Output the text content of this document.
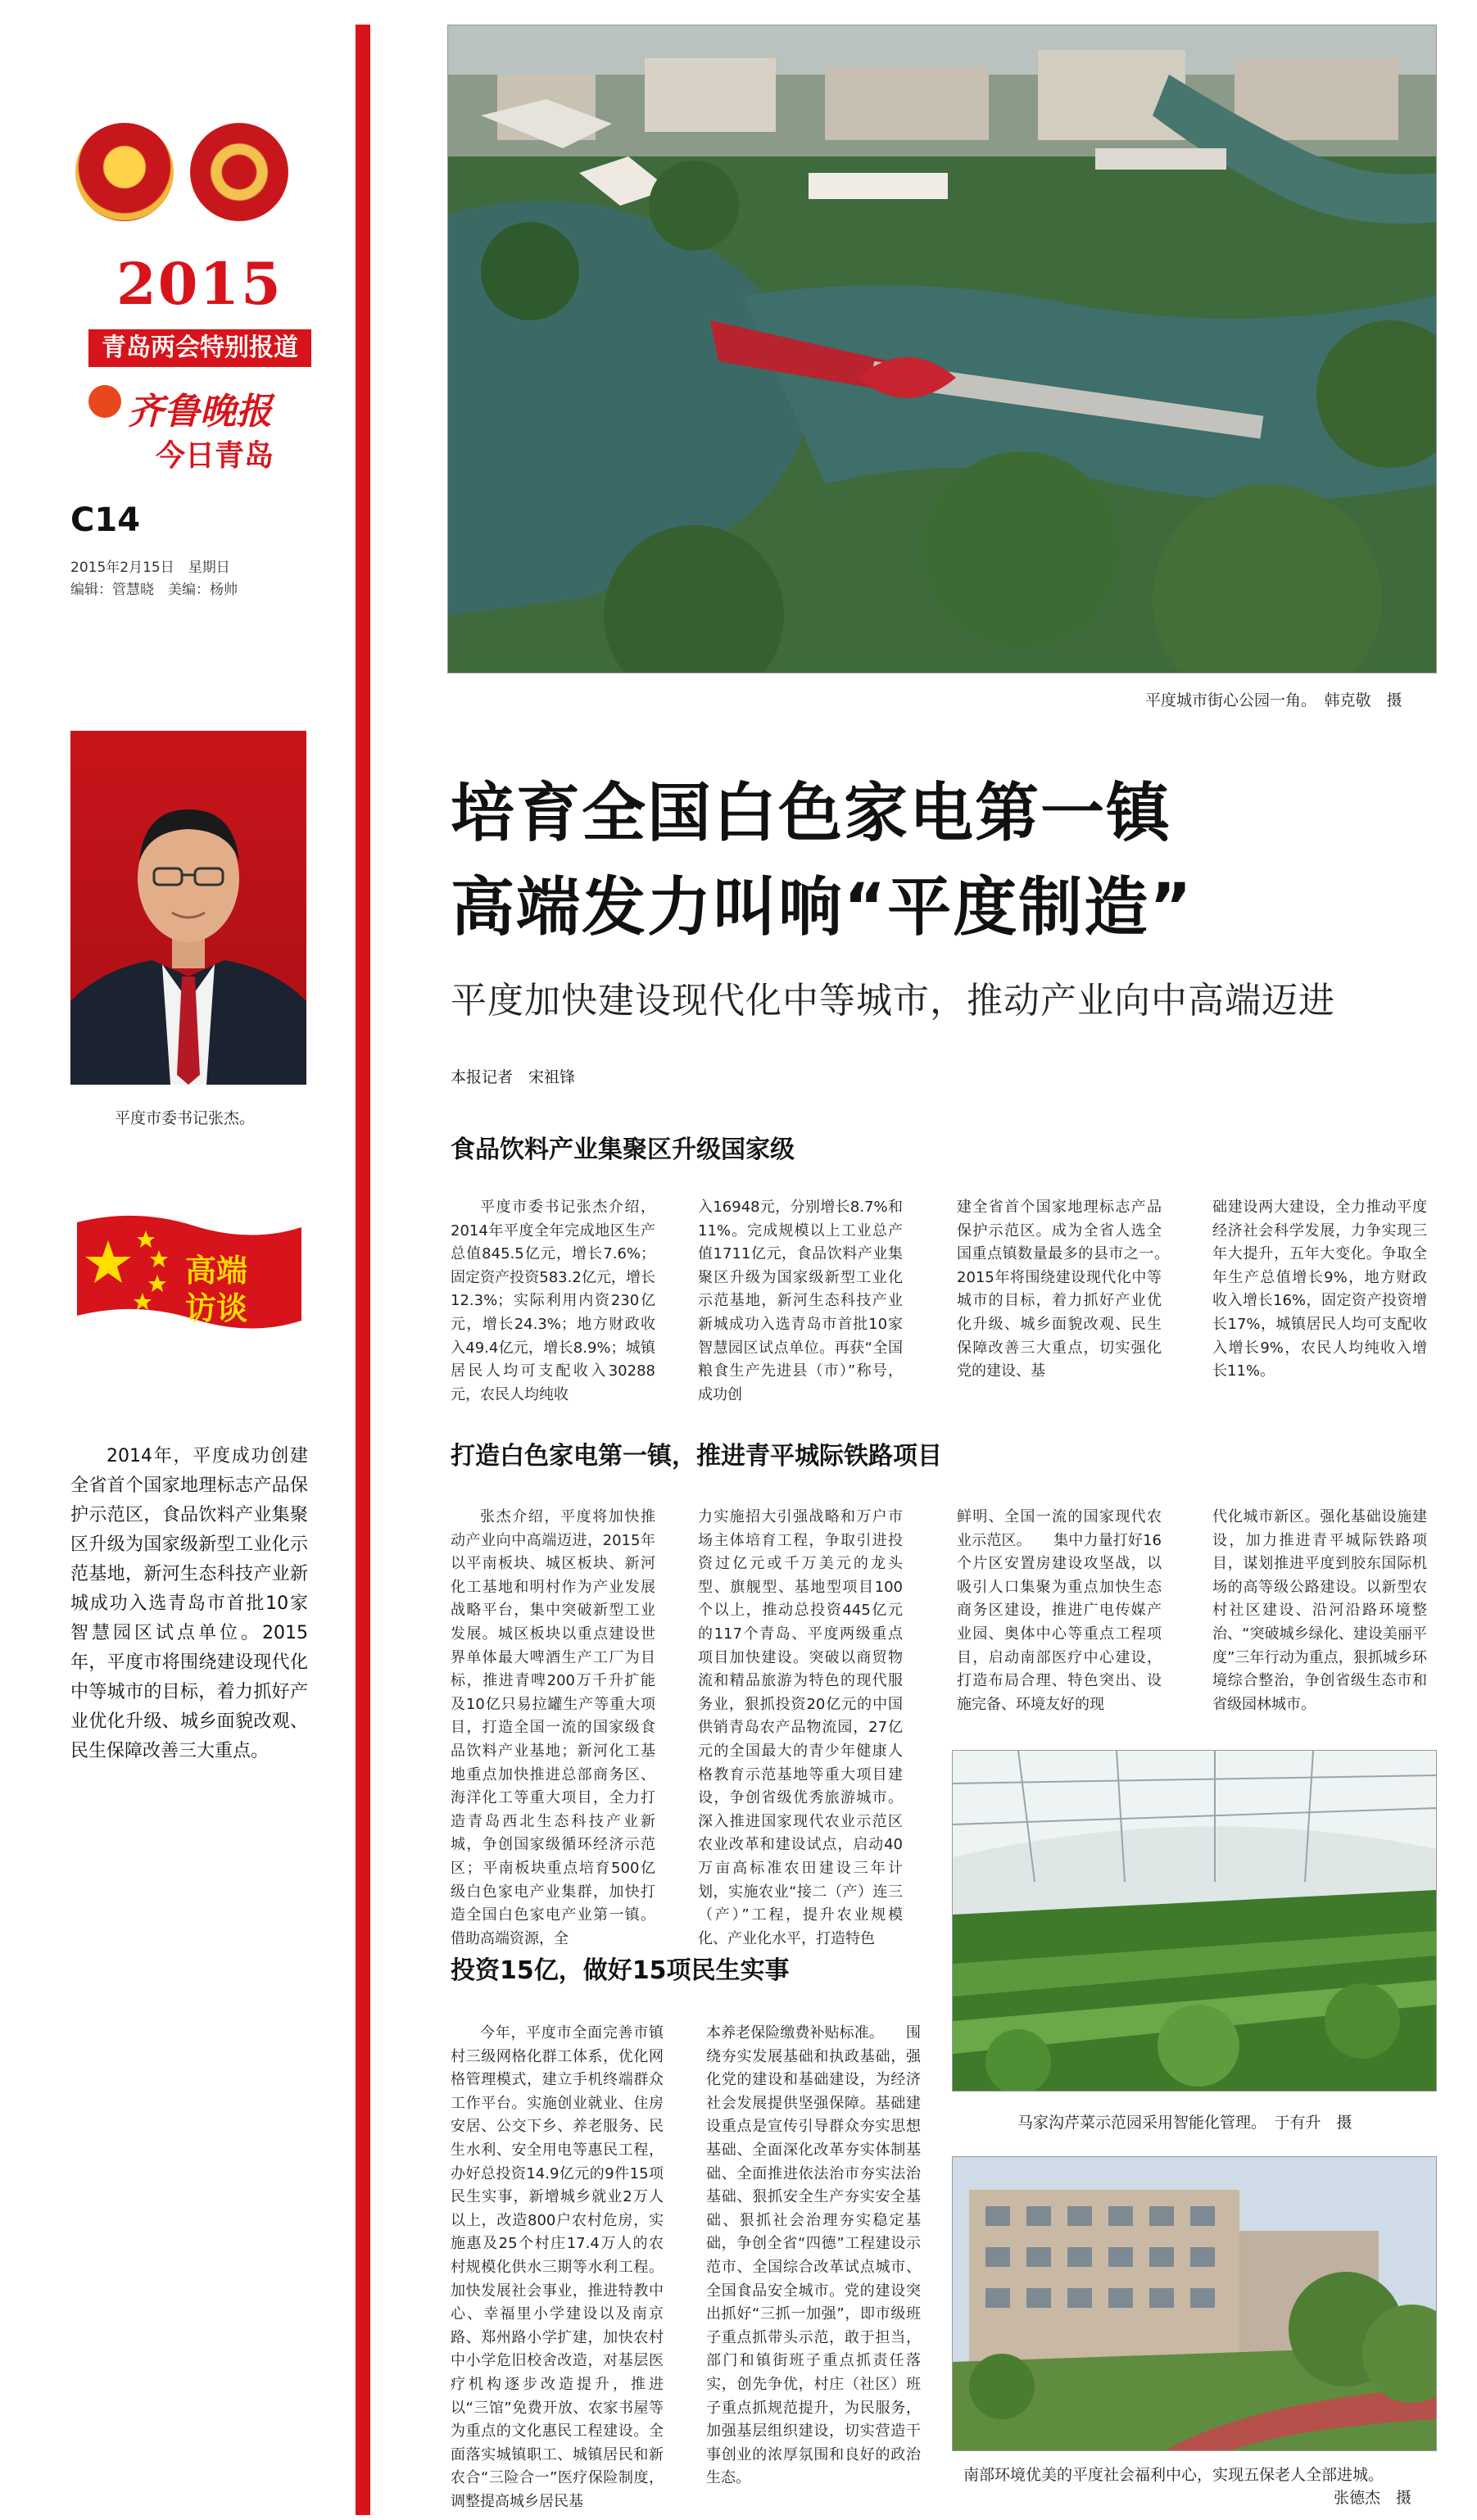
2015
青岛两会特别报道
齐鲁晚报
今日青岛
C14
2015年2月15日　星期日
编辑：管慧晓　美编：杨帅
平度市委书记张杰。
高端
访谈
2014年，平度成功创建全省首个国家地理标志产品保护示范区，食品饮料产业集聚区升级为国家级新型工业化示范基地，新河生态科技产业新城成功入选青岛市首批10家智慧园区试点单位。2015年，平度市将围绕建设现代化中等城市的目标，着力抓好产业优化升级、城乡面貌改观、民生保障改善三大重点。
平度城市街心公园一角。　韩克敬　摄
培育全国白色家电第一镇
高端发力叫响“平度制造”
平度加快建设现代化中等城市，推动产业向中高端迈进
本报记者　宋祖锋
食品饮料产业集聚区升级国家级
平度市委书记张杰介绍，2014年平度全年完成地区生产总值845.5亿元，增长7.6%；固定资产投资583.2亿元，增长12.3%；实际利用内资230亿元，增长24.3%；地方财政收入49.4亿元，增长8.9%；城镇居民人均可支配收入30288元，农民人均纯收
入16948元，分别增长8.7%和11%。完成规模以上工业总产值1711亿元，食品饮料产业集聚区升级为国家级新型工业化示范基地，新河生态科技产业新城成功入选青岛市首批10家智慧园区试点单位。再获“全国粮食生产先进县（市）”称号，成功创
建全省首个国家地理标志产品保护示范区。成为全省人选全国重点镇数量最多的县市之一。　　2015年将围绕建设现代化中等城市的目标，着力抓好产业优化升级、城乡面貌改观、民生保障改善三大重点，切实强化党的建设、基
础建设两大建设，全力推动平度经济社会科学发展，力争实现三年大提升，五年大变化。争取全年生产总值增长9%，地方财政收入增长16%，固定资产投资增长17%，城镇居民人均可支配收入增长9%，农民人均纯收入增长11%。
打造白色家电第一镇，推进青平城际铁路项目
张杰介绍，平度将加快推动产业向中高端迈进，2015年以平南板块、城区板块、新河化工基地和明村作为产业发展战略平台，集中突破新型工业发展。城区板块以重点建设世界单体最大啤酒生产工厂为目标，推进青啤200万千升扩能及10亿只易拉罐生产等重大项目，打造全国一流的国家级食品饮料产业基地；新河化工基地重点加快推进总部商务区、海洋化工等重大项目，全力打造青岛西北生态科技产业新城，争创国家级循环经济示范区；平南板块重点培育500亿级白色家电产业集群，加快打造全国白色家电产业第一镇。借助高端资源，全
力实施招大引强战略和万户市场主体培育工程，争取引进投资过亿元或千万美元的龙头型、旗舰型、基地型项目100个以上，推动总投资445亿元的117个青岛、平度两级重点项目加快建设。突破以商贸物流和精品旅游为特色的现代服务业，狠抓投资20亿元的中国供销青岛农产品物流园，27亿元的全国最大的青少年健康人格教育示范基地等重大项目建设，争创省级优秀旅游城市。深入推进国家现代农业示范区农业改革和建设试点，启动40万亩高标准农田建设三年计划，实施农业“接二（产）连三（产）”工程，提升农业规模化、产业化水平，打造特色
鲜明、全国一流的国家现代农业示范区。　　集中力量打好16个片区安置房建设攻坚战，以吸引人口集聚为重点加快生态商务区建设，推进广电传媒产业园、奥体中心等重点工程项目，启动南部医疗中心建设，打造布局合理、特色突出、设施完备、环境友好的现
代化城市新区。强化基础设施建设，加力推进青平城际铁路项目，谋划推进平度到胶东国际机场的高等级公路建设。以新型农村社区建设、沿河沿路环境整治、“突破城乡绿化、建设美丽平度”三年行动为重点，狠抓城乡环境综合整治，争创省级生态市和省级园林城市。
马家沟芹菜示范园采用智能化管理。　于有升　摄
投资15亿，做好15项民生实事
今年，平度市全面完善市镇村三级网格化群工体系，优化网格管理模式，建立手机终端群众工作平台。实施创业就业、住房安居、公交下乡、养老服务、民生水利、安全用电等惠民工程，办好总投资14.9亿元的9件15项民生实事，新增城乡就业2万人以上，改造800户农村危房，实施惠及25个村庄17.4万人的农村规模化供水三期等水利工程。加快发展社会事业，推进特教中心、幸福里小学建设以及南京路、郑州路小学扩建，加快农村中小学危旧校舍改造，对基层医疗机构逐步改造提升，推进以“三馆”免费开放、农家书屋等为重点的文化惠民工程建设。全面落实城镇职工、城镇居民和新农合“三险合一”医疗保险制度，调整提高城乡居民基
本养老保险缴费补贴标准。　　围绕夯实发展基础和执政基础，强化党的建设和基础建设，为经济社会发展提供坚强保障。基础建设重点是宣传引导群众夯实思想基础、全面深化改革夯实体制基础、全面推进依法治市夯实法治基础、狠抓安全生产夯实安全基础、狠抓社会治理夯实稳定基础，争创全省“四德”工程建设示范市、全国综合改革试点城市、全国食品安全城市。党的建设突出抓好“三抓一加强”，即市级班子重点抓带头示范，敢于担当，部门和镇街班子重点抓责任落实，创先争优，村庄（社区）班子重点抓规范提升，为民服务，加强基层组织建设，切实营造干事创业的浓厚氛围和良好的政治生态。	南部环境优美的平度社会福利中心，实现五保老人全部进城。
张德杰　摄
